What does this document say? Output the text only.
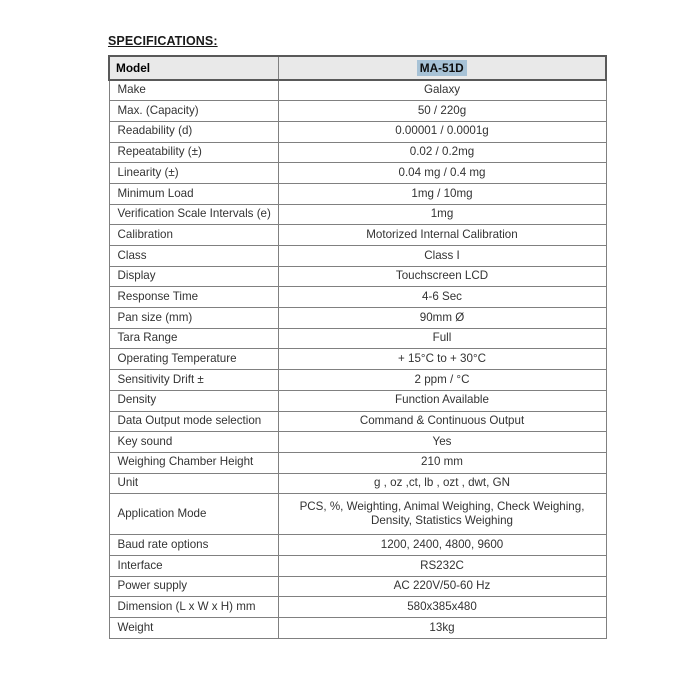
SPECIFICATIONS:
Model	MA-51D
Make	Galaxy
Max. (Capacity)	50 / 220g
Readability (d)	0.00001 / 0.0001g
Repeatability (±)	0.02 / 0.2mg
Linearity (±)	0.04 mg / 0.4 mg
Minimum Load	1mg / 10mg
Verification Scale Intervals (e)	1mg
Calibration	Motorized Internal Calibration
Class	Class I
Display	Touchscreen LCD
Response Time	4-6 Sec
Pan size (mm)	90mm Ø
Tara Range	Full
Operating Temperature	+ 15°C to + 30°C
Sensitivity Drift ±	2 ppm / °C
Density	Function Available
Data Output mode selection	Command & Continuous Output
Key sound	Yes
Weighing Chamber Height	210 mm
Unit	g , oz ,ct, lb , ozt , dwt, GN
Application Mode	PCS, %, Weighting, Animal Weighing, Check Weighing,
Density, Statistics Weighing

Baud rate options	1200, 2400, 4800, 9600
Interface	RS232C
Power supply	AC 220V/50-60 Hz
Dimension (L x W x H) mm	580x385x480
Weight	13kg
